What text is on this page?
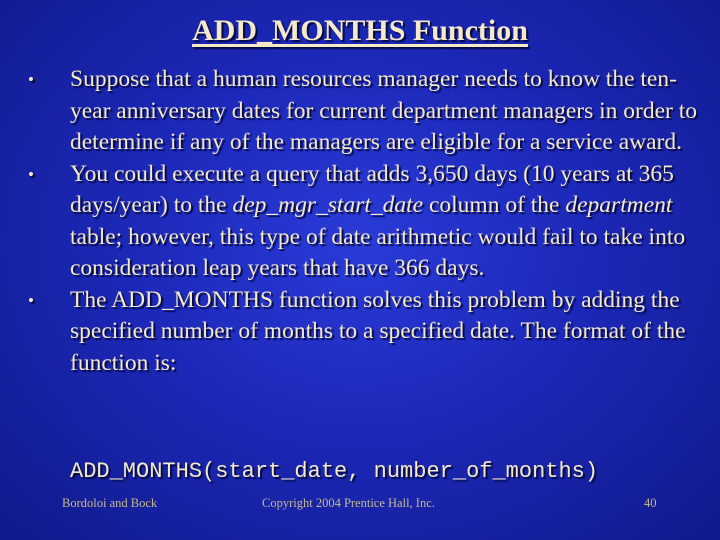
ADD_MONTHS Function
•	Suppose that a human resources manager needs to know the ten-year anniversary dates for current department managers in order to determine if any of the managers are eligible for a service award.
•	You could execute a query that adds 3,650 days (10 years at 365 days/year) to the dep_mgr_start_date column of the department table; however, this type of date arithmetic would fail to take into consideration leap years that have 366 days.
•	The ADD_MONTHS function solves this problem by adding the specified number of months to a specified date. The format of the function is:
ADD_MONTHS(start_date, number_of_months)
Bordoloi and Bock	Copyright 2004 Prentice Hall, Inc.	40
